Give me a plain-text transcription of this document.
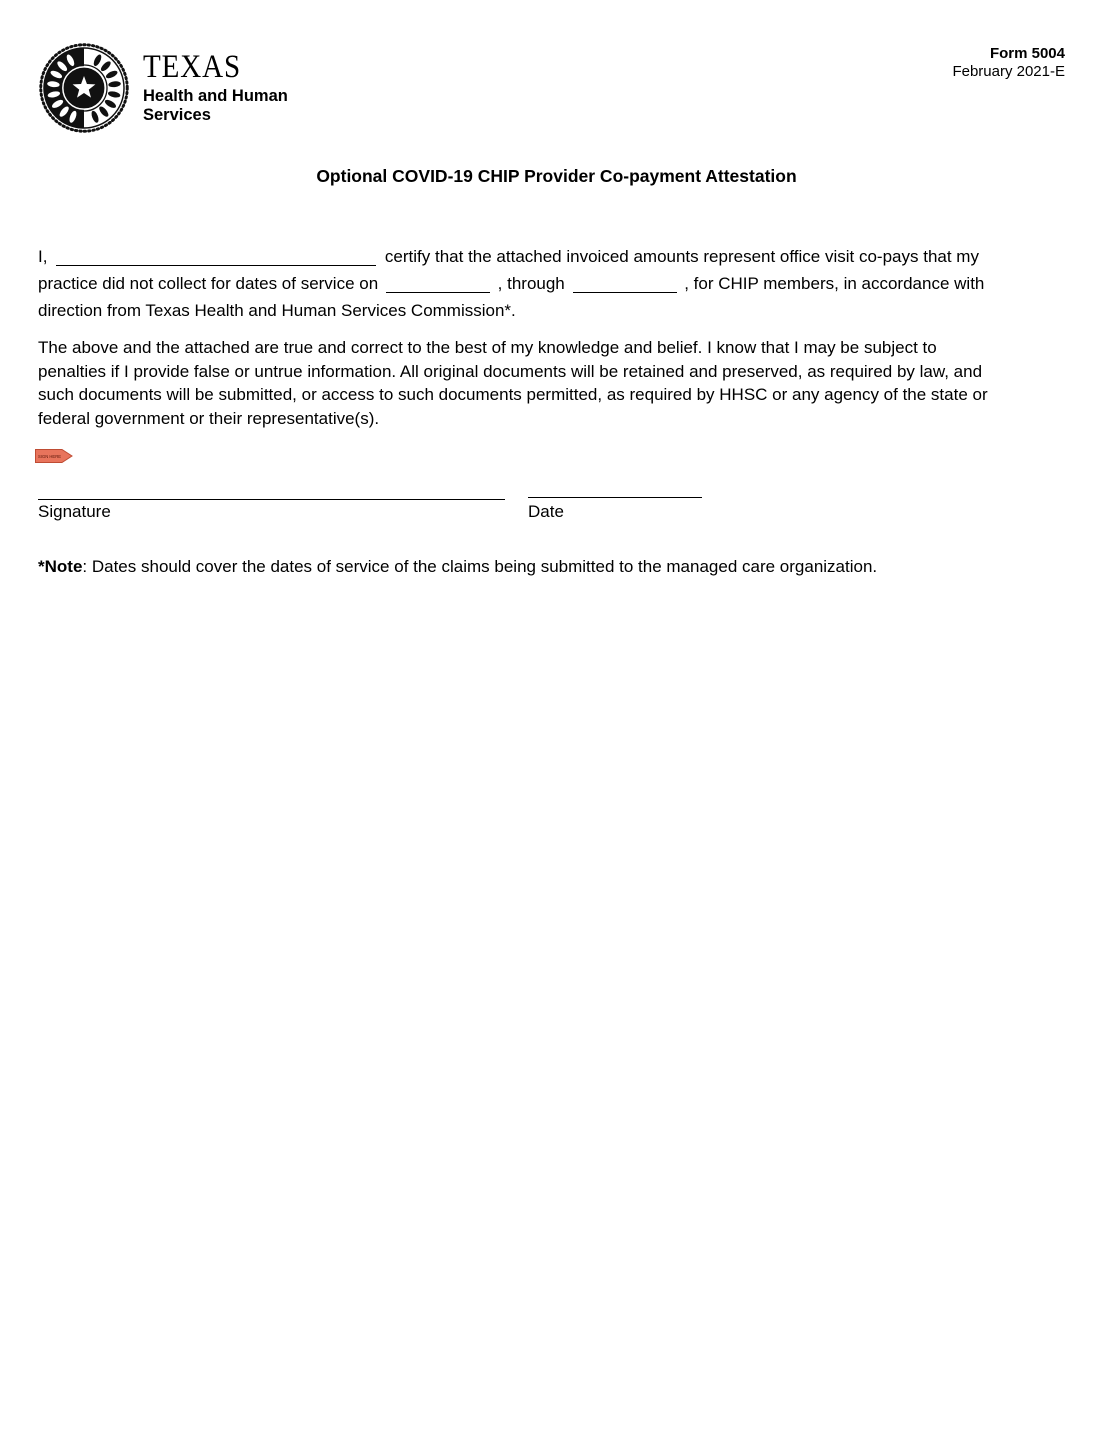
TEXAS
Health and Human
Services
Form 5004
February 2021-E
Optional COVID-19 CHIP Provider Co-payment Attestation
I,	certify that the attached invoiced amounts represent office visit co-pays that my
practice did not collect for dates of service on	, through	, for CHIP members, in accordance with
direction from Texas Health and Human Services Commission*.
The above and the attached are true and correct to the best of my knowledge and belief. I know that I may be subject to
penalties if I provide false or untrue information. All original documents will be retained and preserved, as required by law, and
such documents will be submitted, or access to such documents permitted, as required by HHSC or any agency of the state or
federal government or their representative(s).
SIGN HERE
Signature	Date
*Note: Dates should cover the dates of service of the claims being submitted to the managed care organization.
